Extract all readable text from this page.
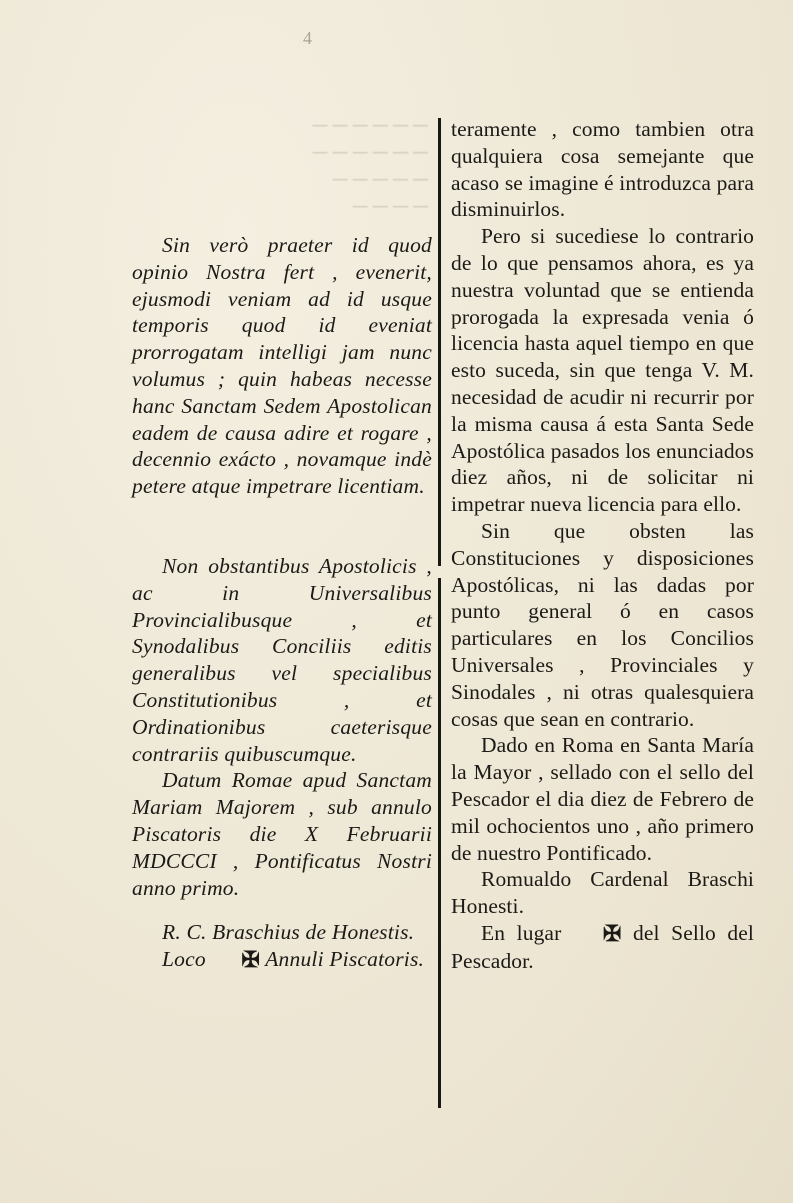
4
─ ─ ─ ─ ─ ─
─ ─ ─ ─ ─ ─
─ ─ ─ ─ ─
─ ─ ─ ─

Sin verò praeter id quod opinio Nostra fert , evenerit, ejusmodi veniam ad id usque temporis quod id eveniat prorrogatam intelligi jam nunc volumus ; quin habeas necesse hanc Sanctam Sedem Apostolican eadem de causa adire et rogare , decennio exácto , novamque indè petere atque impetrare licentiam.

Non obstantibus Apostolicis , ac in Universalibus Provincialibusque , et Synodalibus Conciliis editis generalibus vel specialibus Constitutionibus , et Ordinationibus caeterisque contrariis quibuscumque.

Datum Romae apud Sanctam Mariam Majorem , sub annulo Piscatoris die X Februarii MDCCCI , Pontificatus Nostri anno primo.

R. C. Braschius de Honestis.

Loco ✠ Annuli Piscatoris.

teramente , como tambien otra qualquiera cosa semejante que acaso se imagine é introduzca para disminuirlos.

Pero si sucediese lo contrario de lo que pensamos ahora, es ya nuestra voluntad que se entienda prorogada la expresada venia ó licencia hasta aquel tiempo en que esto suceda, sin que tenga V. M. necesidad de acudir ni recurrir por la misma causa á esta Santa Sede Apostólica pasados los enunciados diez años, ni de solicitar ni impetrar nueva licencia para ello.

Sin que obsten las Constituciones y disposiciones Apostólicas, ni las dadas por punto general ó en casos particulares en los Concilios Universales , Provinciales y Sinodales , ni otras qualesquiera cosas que sean en contrario.

Dado en Roma en Santa María la Mayor , sellado con el sello del Pescador el dia diez de Febrero de mil ochocientos uno , año primero de nuestro Pontificado.

Romualdo Cardenal Braschi Honesti.

En lugar ✠ del Sello del Pescador.
